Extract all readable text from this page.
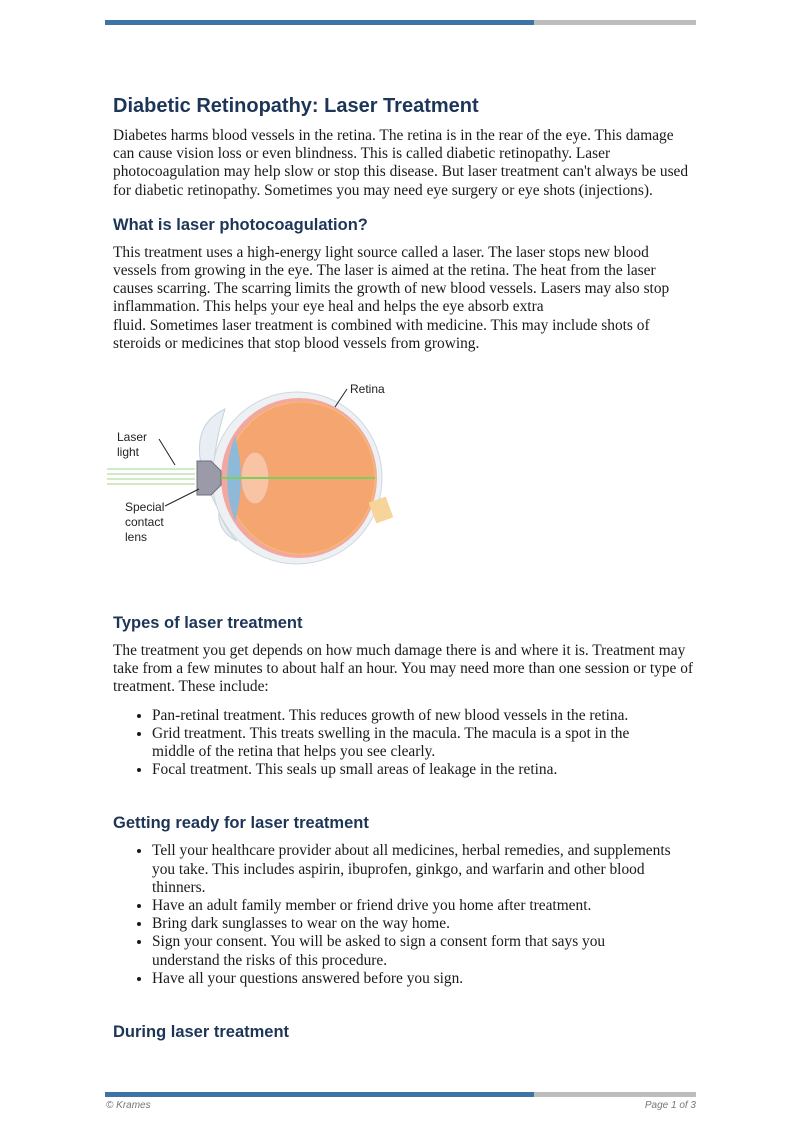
Diabetic Retinopathy: Laser Treatment

Diabetes harms blood vessels in the retina. The retina is in the rear of the eye. This damage can cause vision loss or even blindness. This is called diabetic retinopathy. Laser photocoagulation may help slow or stop this disease. But laser treatment can't always be used for diabetic retinopathy. Sometimes you may need eye surgery or eye shots (injections).

What is laser photocoagulation?

This treatment uses a high-energy light source called a laser. The laser stops new blood vessels from growing in the eye. The laser is aimed at the retina. The heat from the laser causes scarring. The scarring limits the growth of new blood vessels. Lasers may also stop inflammation. This helps your eye heal and helps the eye absorb extra

fluid. Sometimes laser treatment is combined with medicine. This may include shots of steroids or medicines that stop blood vessels from growing.

Retina
Laser
light
Special
contact
lens
Types of laser treatment

The treatment you get depends on how much damage there is and where it is. Treatment may take from a few minutes to about half an hour. You may need more than one session or type of treatment. These include:

• Pan-retinal treatment. This reduces growth of new blood vessels in the retina.
• Grid treatment. This treats swelling in the macula. The macula is a spot in the middle of the retina that helps you see clearly.
• Focal treatment. This seals up small areas of leakage in the retina.
Getting ready for laser treatment
• Tell your healthcare provider about all medicines, herbal remedies, and supplements you take. This includes aspirin, ibuprofen, ginkgo, and warfarin and other blood thinners.
• Have an adult family member or friend drive you home after treatment.
• Bring dark sunglasses to wear on the way home.
• Sign your consent. You will be asked to sign a consent form that says you understand the risks of this procedure.
• Have all your questions answered before you sign.
During laser treatment
© Krames	Page 1 of 3
